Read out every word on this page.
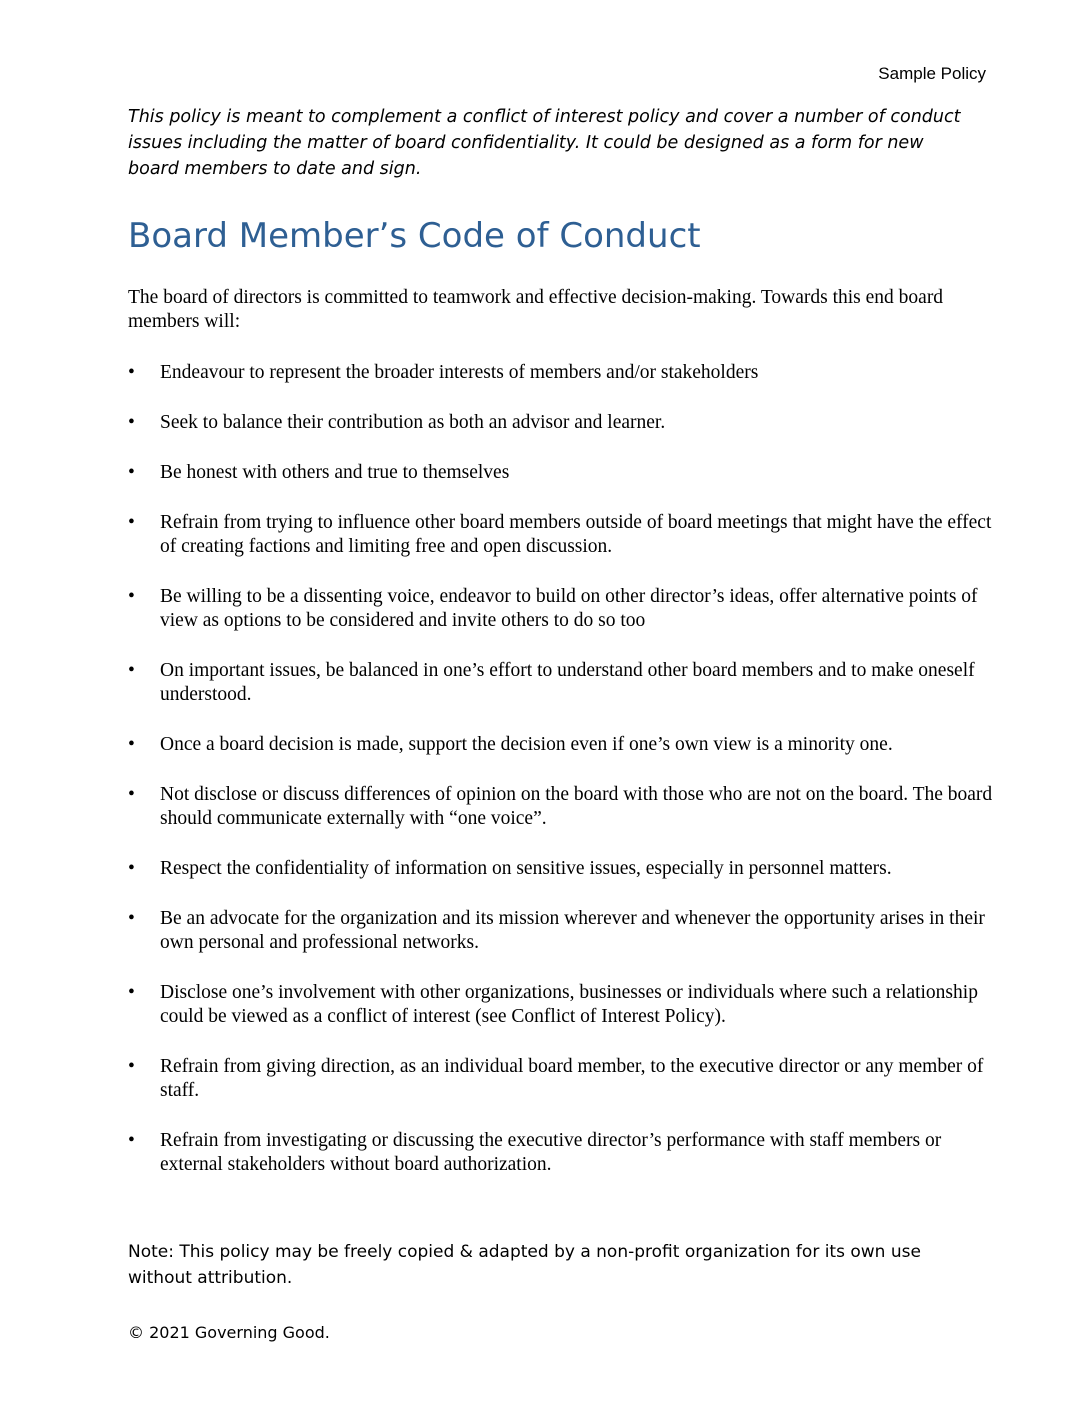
Sample Policy

This policy is meant to complement a conflict of interest policy and cover a number of conduct issues including the matter of board confidentiality. It could be designed as a form for new board members to date and sign.

Board Member’s Code of Conduct

The board of directors is committed to teamwork and effective decision-making. Towards this end board members will:

•	Endeavour to represent the broader interests of members and/or stakeholders
•	Seek to balance their contribution as both an advisor and learner.
•	Be honest with others and true to themselves
•	Refrain from trying to influence other board members outside of board meetings that might have the effect of creating factions and limiting free and open discussion.
•	Be willing to be a dissenting voice, endeavor to build on other director’s ideas, offer alternative points of view as options to be considered and invite others to do so too
•	On important issues, be balanced in one’s effort to understand other board members and to make oneself understood.
•	Once a board decision is made, support the decision even if one’s own view is a minority one.
•	Not disclose or discuss differences of opinion on the board with those who are not on the board. The board should communicate externally with “one voice”.
•	Respect the confidentiality of information on sensitive issues, especially in personnel matters.
•	Be an advocate for the organization and its mission wherever and whenever the opportunity arises in their own personal and professional networks.
•	Disclose one’s involvement with other organizations, businesses or individuals where such a relationship could be viewed as a conflict of interest (see Conflict of Interest Policy).
•	Refrain from giving direction, as an individual board member, to the executive director or any member of staff.
•	Refrain from investigating or discussing the executive director’s performance with staff members or external stakeholders without board authorization.

Note: This policy may be freely copied & adapted by a non-profit organization for its own use without attribution.

© 2021 Governing Good.
